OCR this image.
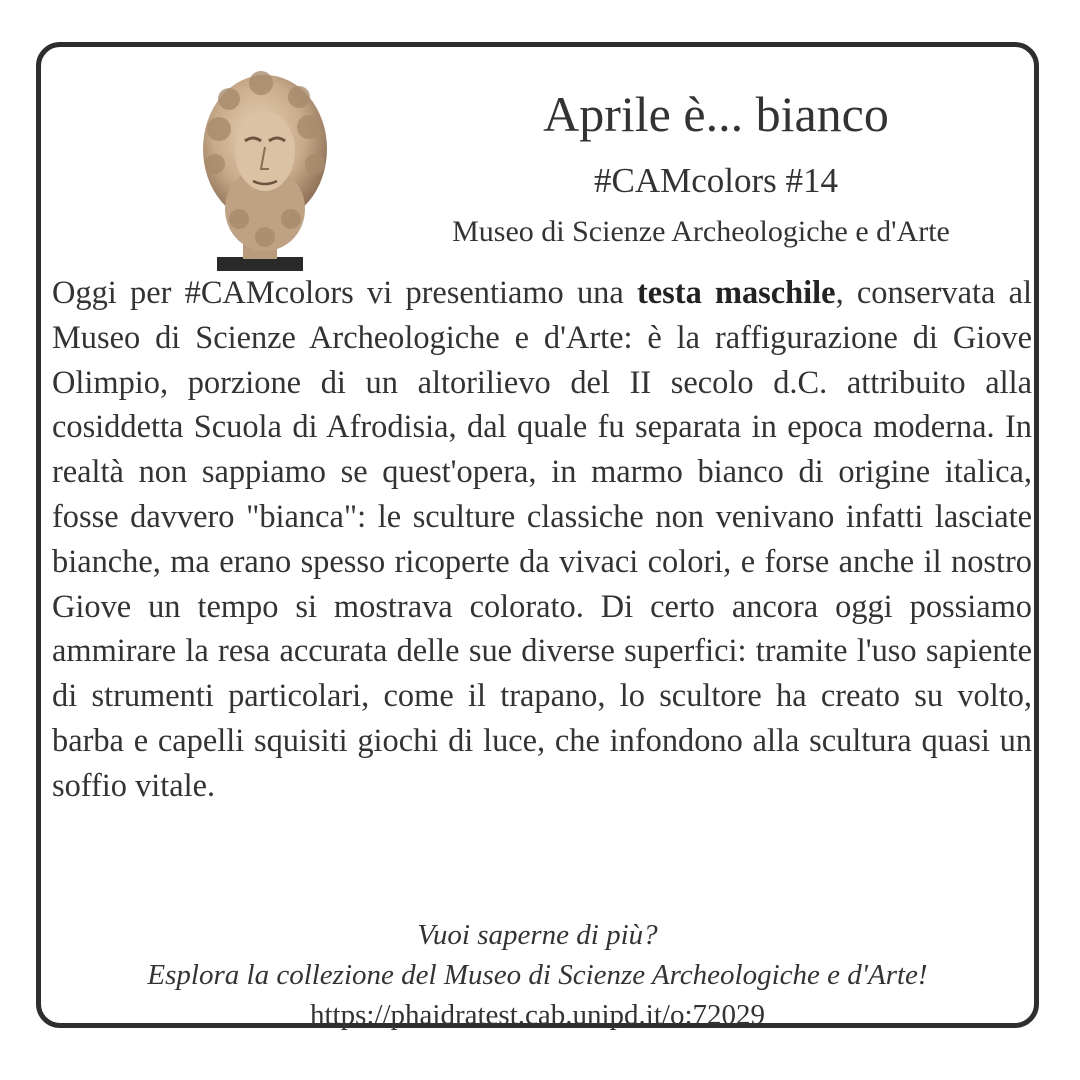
Aprile è... bianco
#CAMcolors #14
Museo di Scienze Archeologiche e d'Arte

Oggi per #CAMcolors vi presentiamo una testa maschile, conservata al Museo di Scienze Archeologiche e d'Arte: è la raffigurazione di Giove Olimpio, porzione di un altorilievo del II secolo d.C. attribuito alla cosiddetta Scuola di Afrodisia, dal quale fu separata in epoca moderna. In realtà non sappiamo se quest'opera, in marmo bianco di origine italica, fosse davvero "bianca": le sculture classiche non venivano infatti lasciate bianche, ma erano spesso ricoperte da vivaci colori, e forse anche il nostro Giove un tempo si mostrava colorato. Di certo ancora oggi possiamo ammirare la resa accurata delle sue diverse superfici: tramite l'uso sapiente di strumenti particolari, come il trapano, lo scultore ha creato su volto, barba e capelli squisiti giochi di luce, che infondono alla scultura quasi un soffio vitale.

Vuoi saperne di più?
Esplora la collezione del Museo di Scienze Archeologiche e d'Arte!
https://phaidratest.cab.unipd.it/o:72029
